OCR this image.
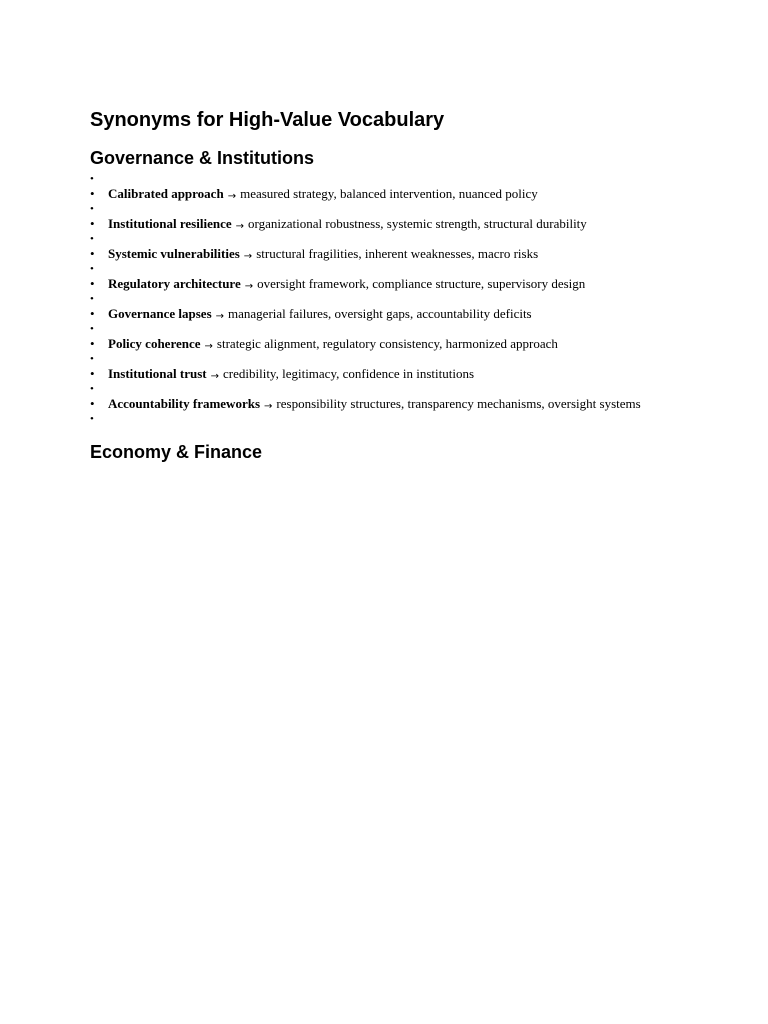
Synonyms for High-Value Vocabulary
Governance & Institutions
•
• Calibrated approach → measured strategy, balanced intervention, nuanced policy
•
• Institutional resilience → organizational robustness, systemic strength, structural durability
•
• Systemic vulnerabilities → structural fragilities, inherent weaknesses, macro risks
•
• Regulatory architecture → oversight framework, compliance structure, supervisory design
•
• Governance lapses → managerial failures, oversight gaps, accountability deficits
•
• Policy coherence → strategic alignment, regulatory consistency, harmonized approach
•
• Institutional trust → credibility, legitimacy, confidence in institutions
•
• Accountability frameworks → responsibility structures, transparency mechanisms, oversight systems
•
Economy & Finance
